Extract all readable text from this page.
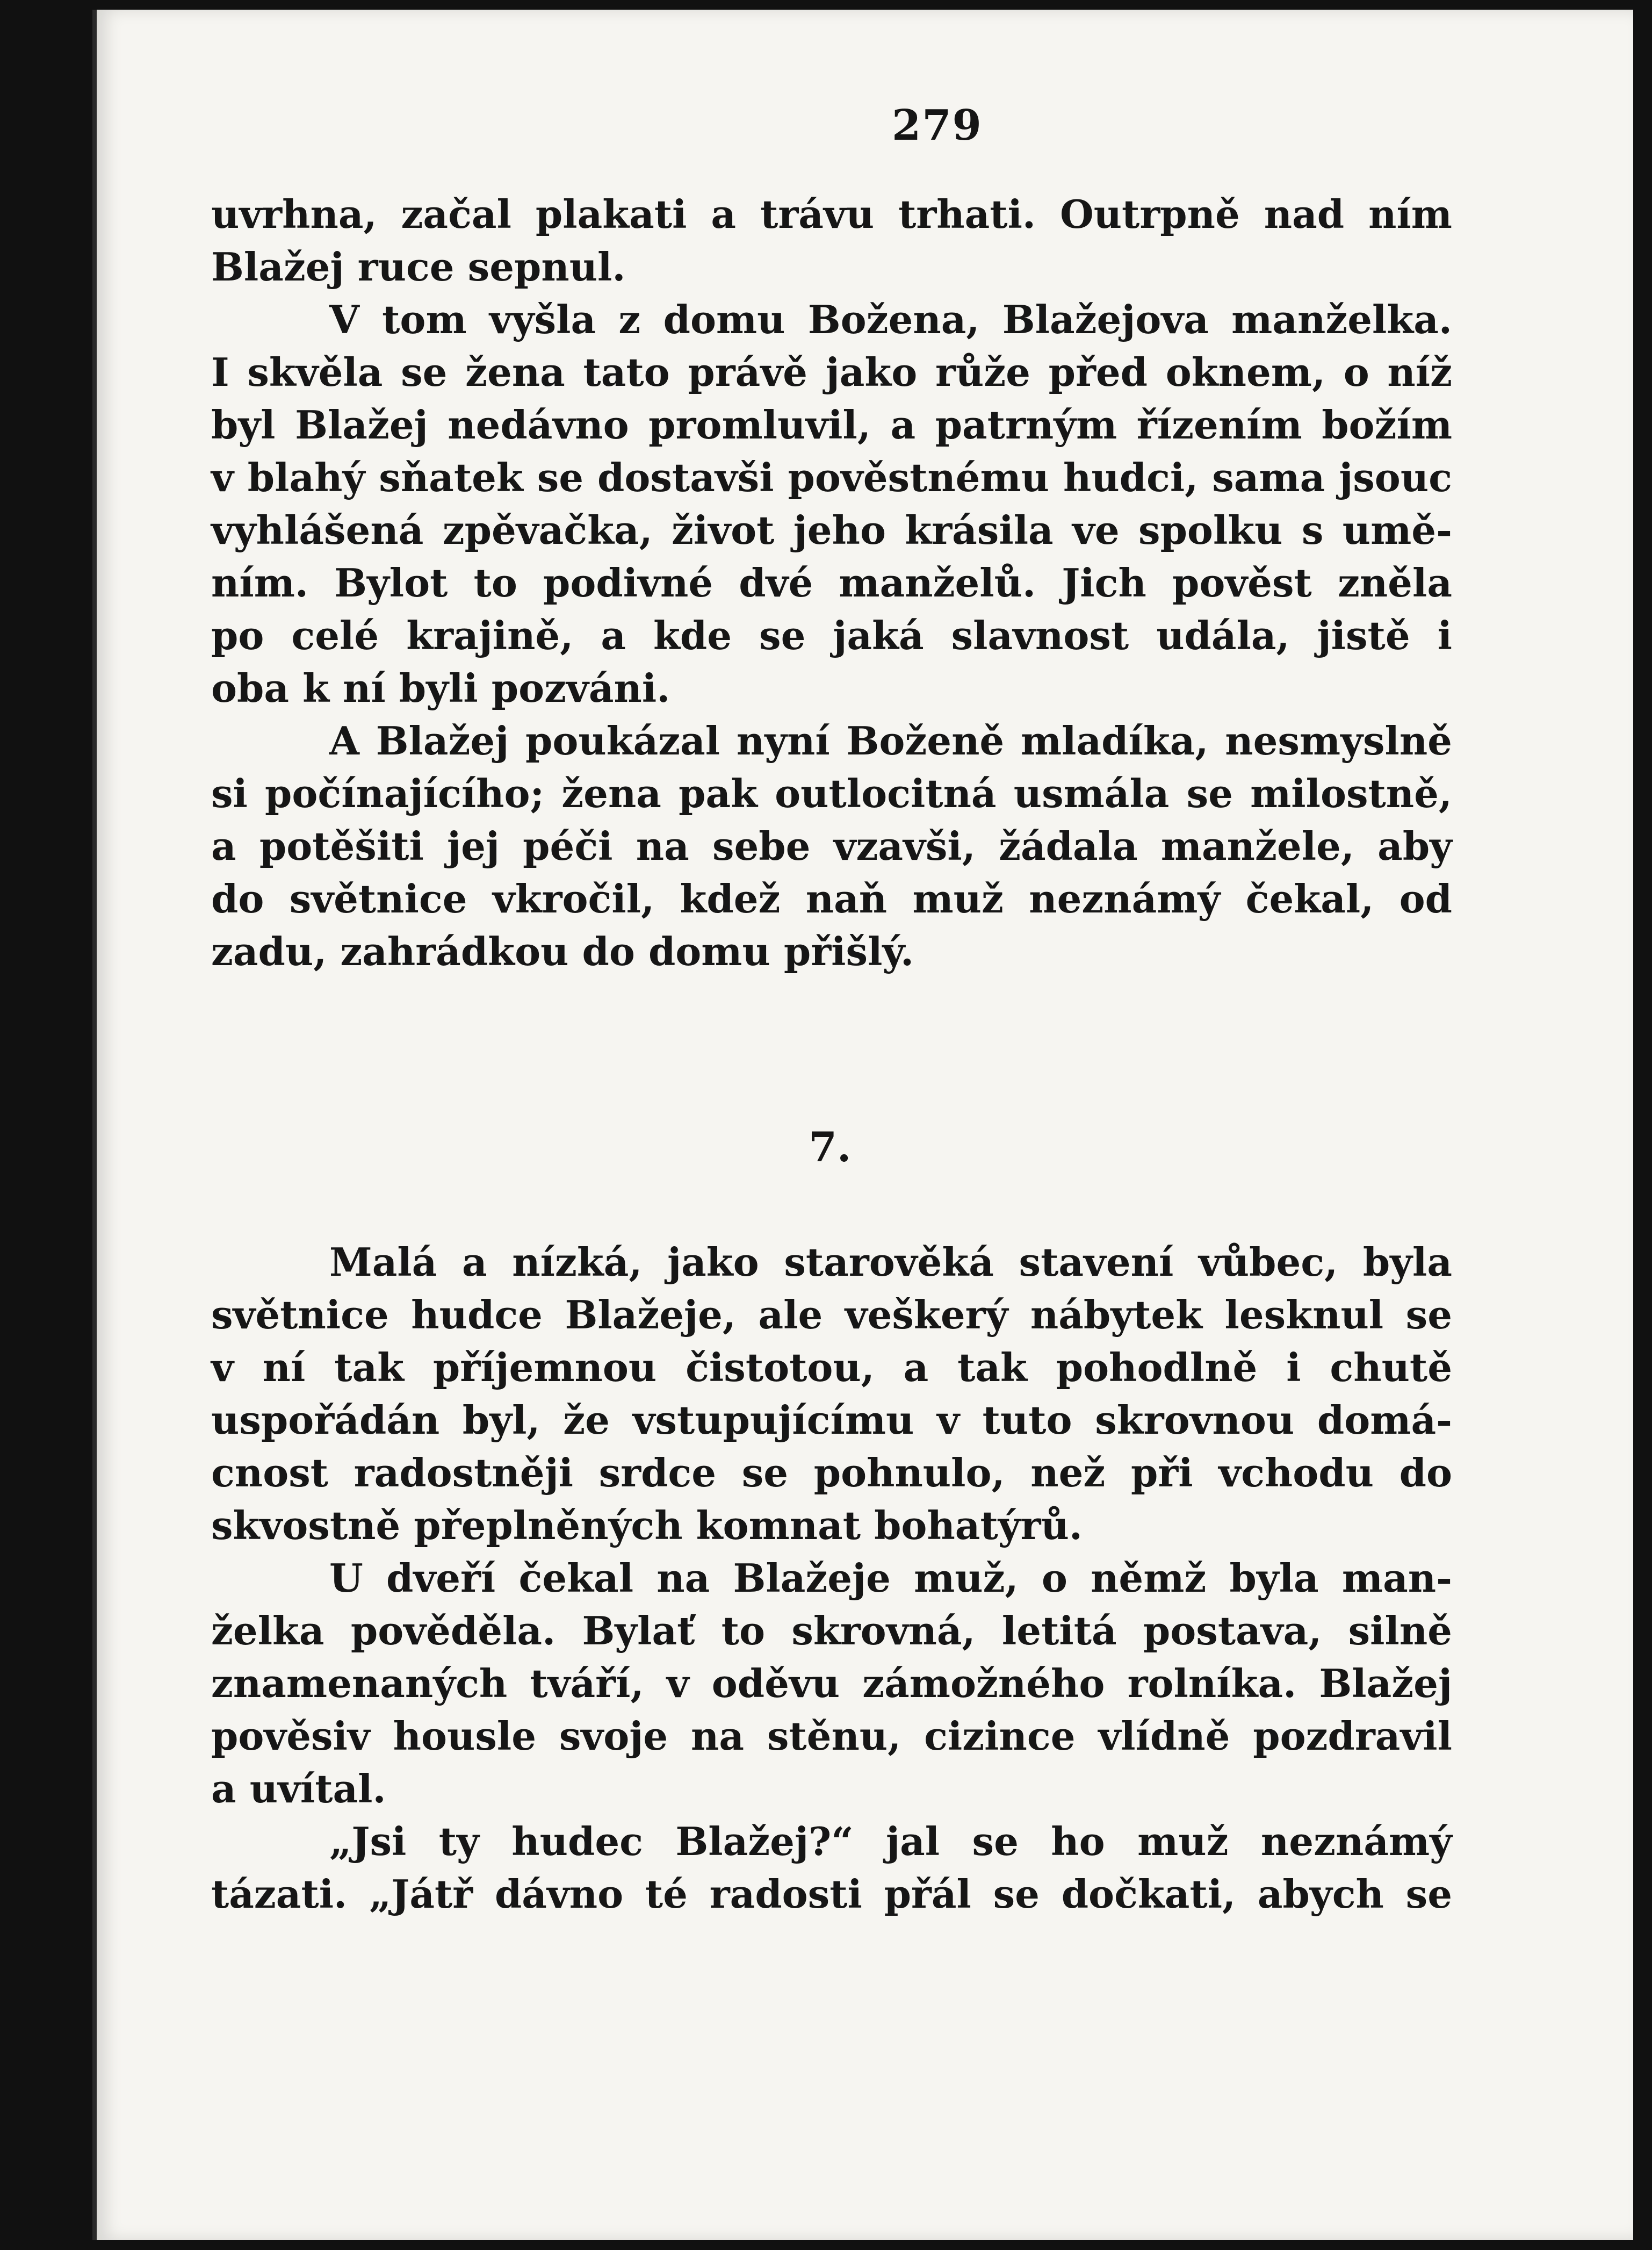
279
uvrhna, začal plakati a trávu trhati. Outrpně nad ním
Blažej ruce sepnul.
V tom vyšla z domu Božena, Blažejova manželka.
I skvěla se žena tato právě jako růže před oknem, o níž
byl Blažej nedávno promluvil, a patrným řízením božím
v blahý sňatek se dostavši pověstnému hudci, sama jsouc
vyhlášená zpěvačka, život jeho krásila ve spolku s umě-
ním. Bylot to podivné dvé manželů. Jich pověst zněla
po celé krajině, a kde se jaká slavnost udála, jistě i
oba k ní byli pozváni.
A Blažej poukázal nyní Boženě mladíka, nesmyslně
si počínajícího; žena pak outlocitná usmála se milostně,
a potěšiti jej péči na sebe vzavši, žádala manžele, aby
do světnice vkročil, kdež naň muž neznámý čekal, od
zadu, zahrádkou do domu přišlý.
7.
Malá a nízká, jako starověká stavení vůbec, byla
světnice hudce Blažeje, ale veškerý nábytek lesknul se
v ní tak příjemnou čistotou, a tak pohodlně i chutě
uspořádán byl, že vstupujícímu v tuto skrovnou domá-
cnost radostněji srdce se pohnulo, než při vchodu do
skvostně přeplněných komnat bohatýrů.
U dveří čekal na Blažeje muž, o němž byla man-
želka pověděla. Bylať to skrovná, letitá postava, silně
znamenaných tváří, v oděvu zámožného rolníka. Blažej
pověsiv housle svoje na stěnu, cizince vlídně pozdravil
a uvítal.
„Jsi ty hudec Blažej?“ jal se ho muž neznámý
tázati. „Játř dávno té radosti přál se dočkati, abych se
